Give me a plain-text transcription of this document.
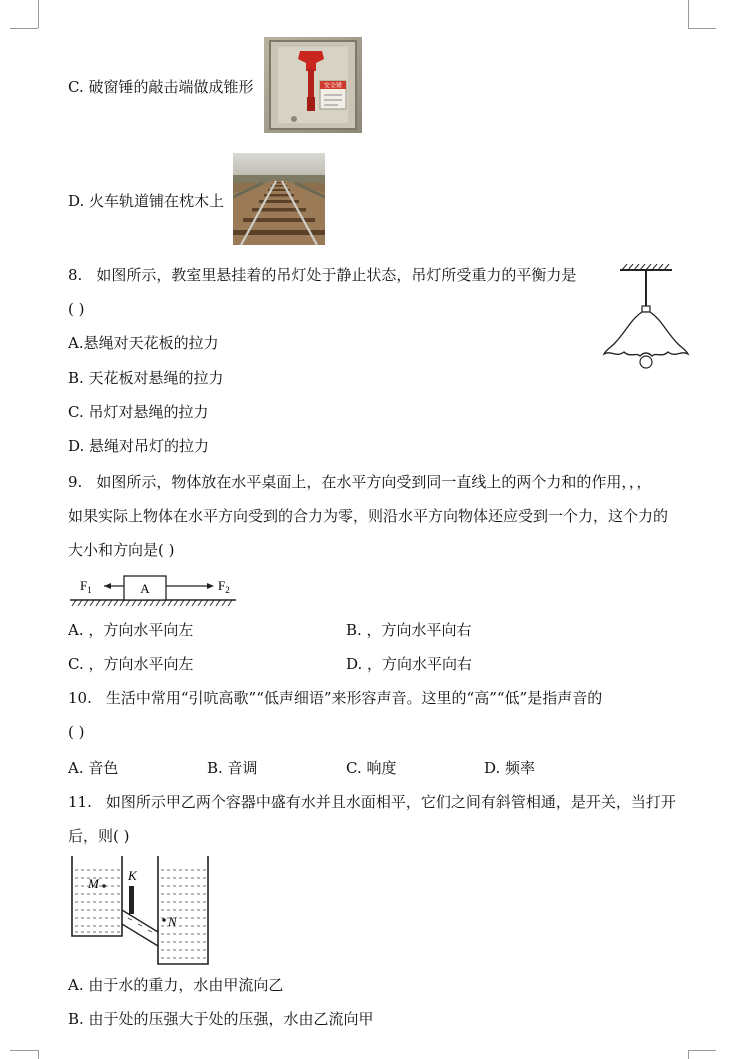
C. 破窗锤的敲击端做成锥形	安全锤
D. 火车轨道铺在枕木上
8. 如图所示，教室里悬挂着的吊灯处于静止状态，吊灯所受重力的平衡力是
( )
A.悬绳对天花板的拉力
B. 天花板对悬绳的拉力
C. 吊灯对悬绳的拉力
D. 悬绳对吊灯的拉力
9. 如图所示，物体放在水平桌面上，在水平方向受到同一直线上的两个力和的作用，，，
如果实际上物体在水平方向受到的合力为零，则沿水平方向物体还应受到一个力，这个力的
大小和方向是( )
A
$F_1$	$F_2$
A. ，方向水平向左	B. ，方向水平向右
C. ，方向水平向左	D. ，方向水平向右
10. 生活中常用“引吭高歌”“低声细语”来形容声音。这里的“高”“低”是指声音的
( )
A. 音色	B. 音调	C. 响度	D. 频率
11. 如图所示甲乙两个容器中盛有水并且水面相平，它们之间有斜管相通，是开关，当打开
后，则( )
K
M
N
A. 由于水的重力，水由甲流向乙
B. 由于处的压强大于处的压强，水由乙流向甲
